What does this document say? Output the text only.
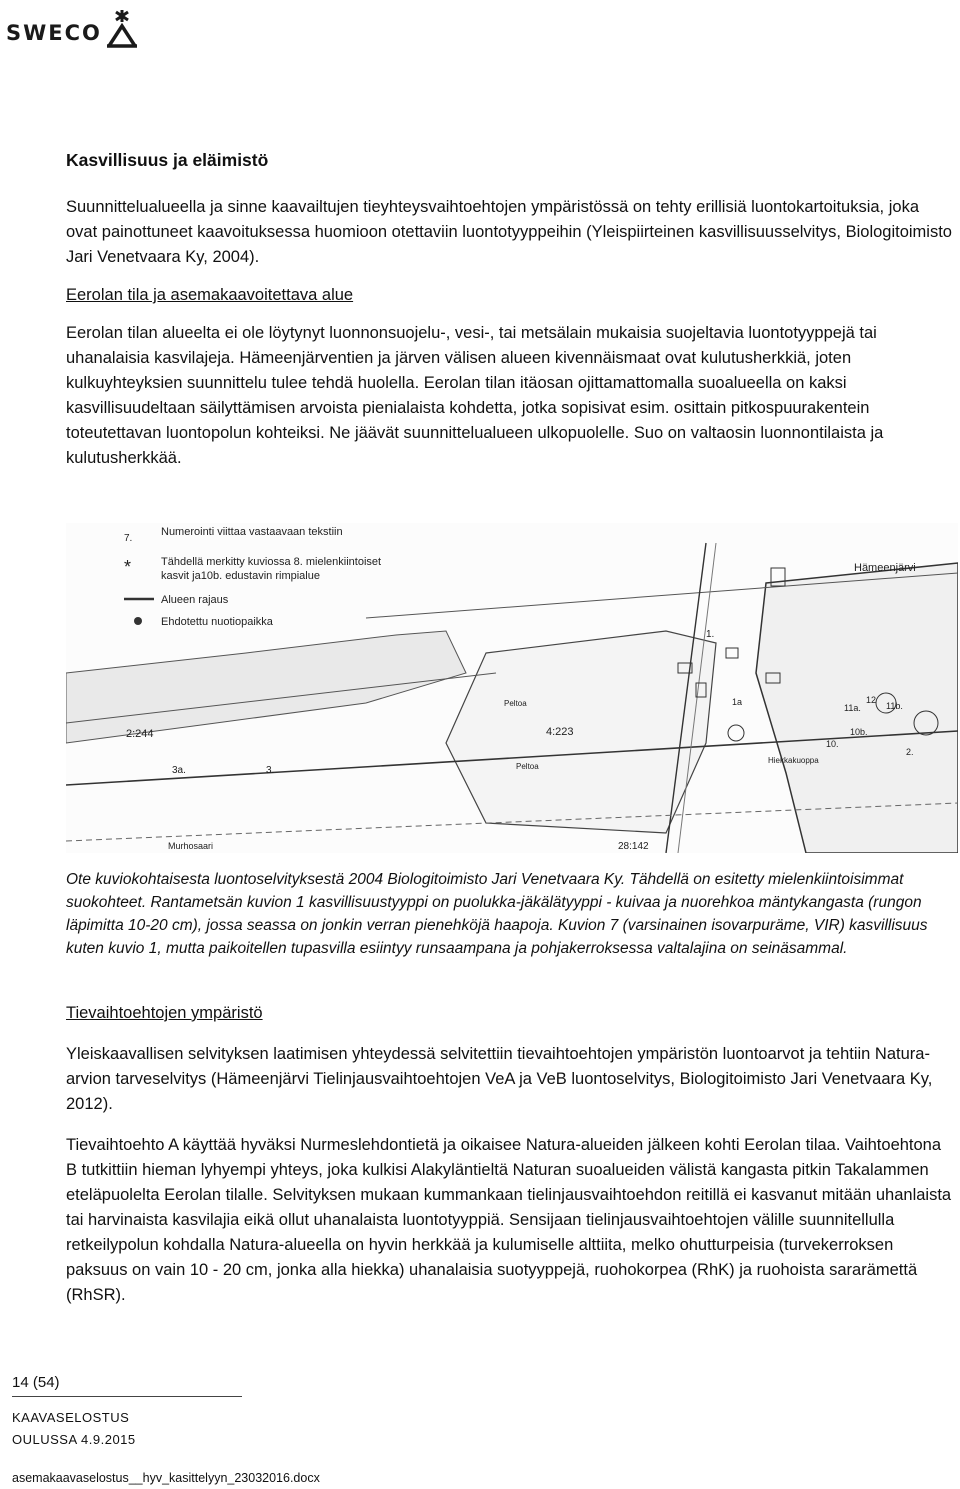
SWECO
Kasvillisuus ja eläimistö

Suunnittelualueella ja sinne kaavailtujen tieyhteysvaihtoehtojen ympäristössä on tehty erillisiä luontokartoituksia, joka ovat painottuneet kaavoituksessa huomioon otettaviin luontotyyppeihin (Yleispiirteinen kasvillisuusselvitys, Biologitoimisto Jari Venetvaara Ky, 2004).

Eerolan tila ja asemakaavoitettava alue

Eerolan tilan alueelta ei ole löytynyt luonnonsuojelu-, vesi-, tai metsälain mukaisia suojeltavia luontotyyppejä tai uhanalaisia kasvilajeja. Hämeenjärventien ja järven välisen alueen kivennäismaat ovat kulutusherkkiä, joten kulkuyhteyksien suunnittelu tulee tehdä huolella. Eerolan tilan itäosan ojittamattomalla suoalueella on kaksi kasvillisuudeltaan säilyttämisen arvoista pienialaista kohdetta, jotka sopisivat esim. osittain pitkospuurakentein toteutettavan luontopolun kohteiksi. Ne jäävät suunnittelualueen ulkopuolelle. Suo on valtaosin luonnontilaista ja kulutusherkkää.

7.
Numerointi viittaa vastaavaan tekstiin
*	Tähdellä merkitty kuviossa 8. mielenkiintoiset
kasvit ja10b. edustavin rimpialue
Alueen rajaus
Ehdotettu nuotiopaikka
Hämeenjärvi
Peltoa
4:223
Peltoa
2:244
28:142
Murhosaari
Hiekkakuoppa
1.
1a
3a.	3.
11a.
12
11b.
10b.
10.
2.

Ote kuviokohtaisesta luontoselvityksestä 2004 Biologitoimisto Jari Venetvaara Ky. Tähdellä on esitetty mielenkiintoisimmat suokohteet. Rantametsän kuvion 1 kasvillisuustyyppi on puolukka-jäkälätyyppi - kuivaa ja nuorehkoa mäntykangasta (rungon läpimitta 10-20 cm), jossa seassa on jonkin verran pienehköjä haapoja. Kuvion 7 (varsinainen isovarpuräme, VIR) kasvillisuus kuten kuvio 1, mutta paikoitellen tupasvilla esiintyy runsaampana ja pohjakerroksessa valtalajina on seinäsammal.

Tievaihtoehtojen ympäristö

Yleiskaavallisen selvityksen laatimisen yhteydessä selvitettiin tievaihtoehtojen ympäristön luontoarvot ja tehtiin Natura-arvion tarveselvitys (Hämeenjärvi Tielinjausvaihtoehtojen VeA ja VeB luontoselvitys, Biologitoimisto Jari Venetvaara Ky, 2012).

Tievaihtoehto A käyttää hyväksi Nurmeslehdontietä ja oikaisee Natura-alueiden jälkeen kohti Eerolan tilaa. Vaihtoehtona B tutkittiin hieman lyhyempi yhteys, joka kulkisi Alakyläntieltä Naturan suoalueiden välistä kangasta pitkin Takalammen eteläpuolelta Eerolan tilalle. Selvityksen mukaan kummankaan tielinjausvaihtoehdon reitillä ei kasvanut mitään uhanlaista tai harvinaista kasvilajia eikä ollut uhanalaista luontotyyppiä. Sensijaan tielinjausvaihtoehtojen välille suunnitellulla retkeilypolun kohdalla Natura-alueella on hyvin herkkää ja kulumiselle alttiita, melko ohutturpeisia (turvekerroksen paksuus on vain 10 - 20 cm, jonka alla hiekka) uhanalaisia suotyyppejä, ruohokorpea (RhK) ja ruohoista sararämettä (RhSR).

14 (54)
KAAVASELOSTUS
OULUSSA 4.9.2015
asemakaavaselostus__hyv_kasittelyyn_23032016.docx
